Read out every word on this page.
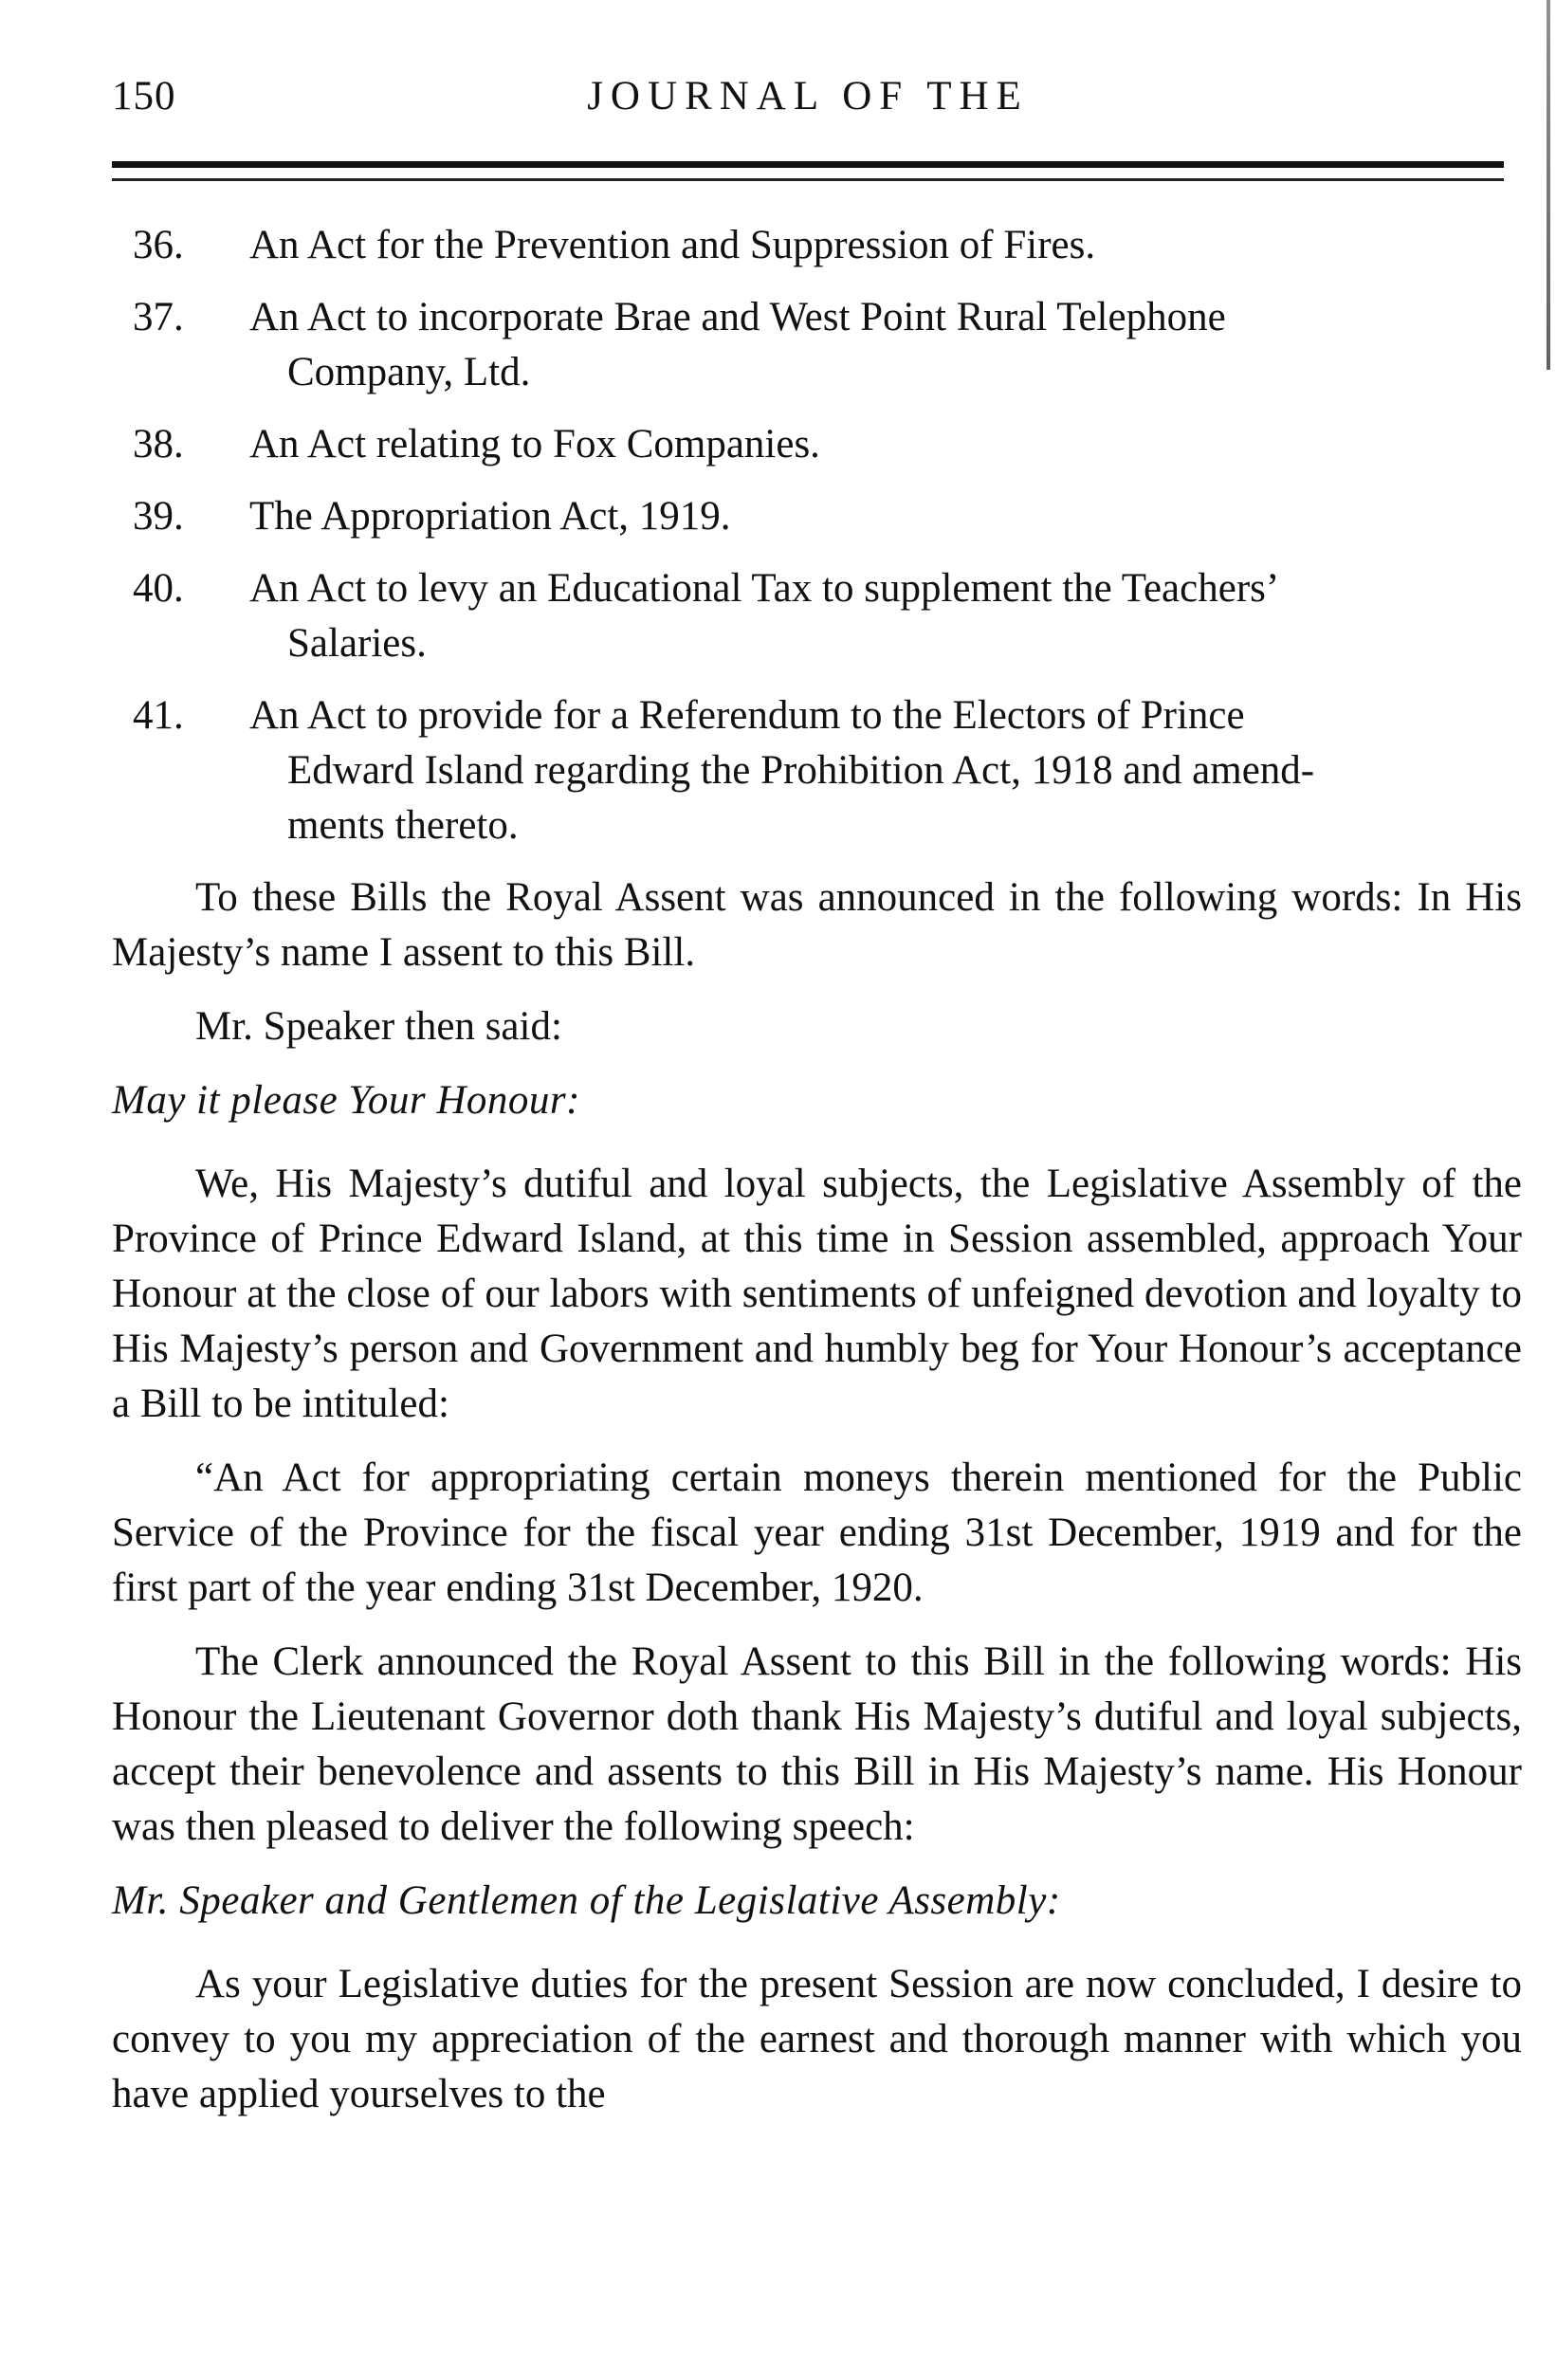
150	JOURNAL OF THE
36.	An Act for the Prevention and Suppression of Fires.
37.	An Act to incorporate Brae and West Point Rural Telephone
Company, Ltd.
38.	An Act relating to Fox Companies.
39.	The Appropriation Act, 1919.
40.	An Act to levy an Educational Tax to supplement the Teachers’
Salaries.
41.	An Act to provide for a Referendum to the Electors of Prince
Edward Island regarding the Prohibition Act, 1918 and amend-
ments thereto.

To these Bills the Royal Assent was announced in the following words: In His Majesty’s name I assent to this Bill.

Mr. Speaker then said:

May it please Your Honour:

We, His Majesty’s dutiful and loyal subjects, the Legislative Assembly of the Province of Prince Edward Island, at this time in Session assembled, approach Your Honour at the close of our labors with sentiments of unfeigned devotion and loyalty to His Majesty’s person and Government and humbly beg for Your Honour’s acceptance a Bill to be intituled:

“An Act for appropriating certain moneys therein mentioned for the Public Service of the Province for the fiscal year ending 31st December, 1919 and for the first part of the year ending 31st December, 1920.

The Clerk announced the Royal Assent to this Bill in the following words: His Honour the Lieutenant Governor doth thank His Majesty’s dutiful and loyal subjects, accept their benevolence and assents to this Bill in His Majesty’s name. His Honour was then pleased to deliver the following speech:

Mr. Speaker and Gentlemen of the Legislative Assembly:

As your Legislative duties for the present Session are now concluded, I desire to convey to you my appreciation of the earnest and thorough manner with which you have applied yourselves to the
